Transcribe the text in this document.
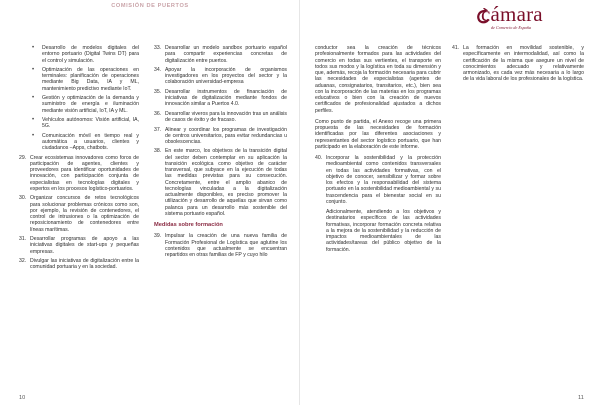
COMISIÓN DE PUERTOS
• Desarrollo de modelos digitales del entorno portuario (Digital Twins DT) para el control y simulación.
• Optimización de las operaciones en terminales: planificación de operaciones mediante Big Data, IA y ML, mantenimiento predictivo mediante IoT.
• Gestión y optimización de la demanda y suministro de energía e iluminación mediante visión artificial, IoT, IA y ML.
• Vehículos autónomos: Visión artificial, IA, 5G.
• Comunicación móvil en tiempo real y automática a usuarios, clientes y ciudadanos –Apps, chatbots.
29. Crear ecosistemas innovadores como foros de participación de agentes, clientes y proveedores para identificar oportunidades de innovación, con participación conjunta de especialistas en tecnologías digitales y expertos en los procesos logístico-portuarios.
30. Organizar concursos de retos tecnológicos para solucionar problemas crónicos como son, por ejemplo, la revisión de contenedores, el control de intrusiones o la optimización de reposicionamiento de contenedores entre líneas marítimas.
31. Desarrollar programas de apoyo a las iniciativas digitales de start-ups y pequeñas empresas.
32. Divulgar las iniciativas de digitalización entre la comunidad portuaria y en la sociedad.
33. Desarrollar un modelo sandbox portuario español para compartir experiencias concretas de digitalización entre puertos.
34. Apoyar la incorporación de organismos investigadores en los proyectos del sector y la colaboración universidad-empresa
35. Desarrollar instrumentos de financiación de iniciativas de digitalización mediante fondos de innovación similar a Puertos 4.0.
36. Desarrollar viveros para la innovación tras un análisis de casos de éxito y de fracaso.
37. Alinear y coordinar los programas de investigación de centros universitarios, para evitar redundancias u obsolescencias.
38. En este marco, los objetivos de la transición digital del sector deben contemplar en su aplicación la transición ecológica como objetivo de carácter transversal, que subyace en la ejecución de todas las medidas previstas para su consecución. Concretamente, entre el amplio abanico de tecnologías vinculadas a la digitalización actualmente disponibles, es preciso promover la utilización y desarrollo de aquellas que sirvan como palanca para un desarrollo más sostenible del sistema portuario español.
Medidas sobre formación
39. Impulsar la creación de una nueva familia de Formación Profesional de Logística que aglutine los contenidos que actualmente se encuentran repartidos en otras familias de FP y cuyo hilo
10
cámara
de Comercio de España
conductor sea la creación de técnicos profesionalmente formados para las actividades del comercio en todas sus vertientes, el transporte en todos sus modos y la logística en toda su dimensión y que, además, recoja la formación necesaria para cubrir las necesidades de especialistas (agentes de aduanas, consignatarios, transitarios, etc.), bien sea con la incorporación de las materias en los programas educativos o bien con la creación de nuevos certificados de profesionalidad ajustados a dichos perfiles.
Como punto de partida, el Anexo recoge una primera propuesta de las necesidades de formación identificadas por las diferentes asociaciones y representantes del sector logístico portuario, que han participado en la elaboración de este informe.
40. Incorporar la sostenibilidad y la protección medioambiental como contenidos transversales en todas las actividades formativas, con el objetivo de conocer, sensibilizar y formar sobre los efectos y la responsabilidad del sistema portuario en la sostenibilidad medioambiental y su trascendencia para el bienestar social en su conjunto.
Adicionalmente, atendiendo a los objetivos y destinatarios específicos de las actividades formativas, incorporar formación concreta relativa a la mejora de la sostenibilidad y la reducción de impactos medioambientales de las actividades/tareas del público objetivo de la formación.
41. La formación en movilidad sostenible, y específicamente en intermodalidad, así como la certificación de la misma que asegure un nivel de conocimientos adecuado y relativamente armonizado, es cada vez más necesaria a lo largo de la vida laboral de los profesionales de la logística.
11
